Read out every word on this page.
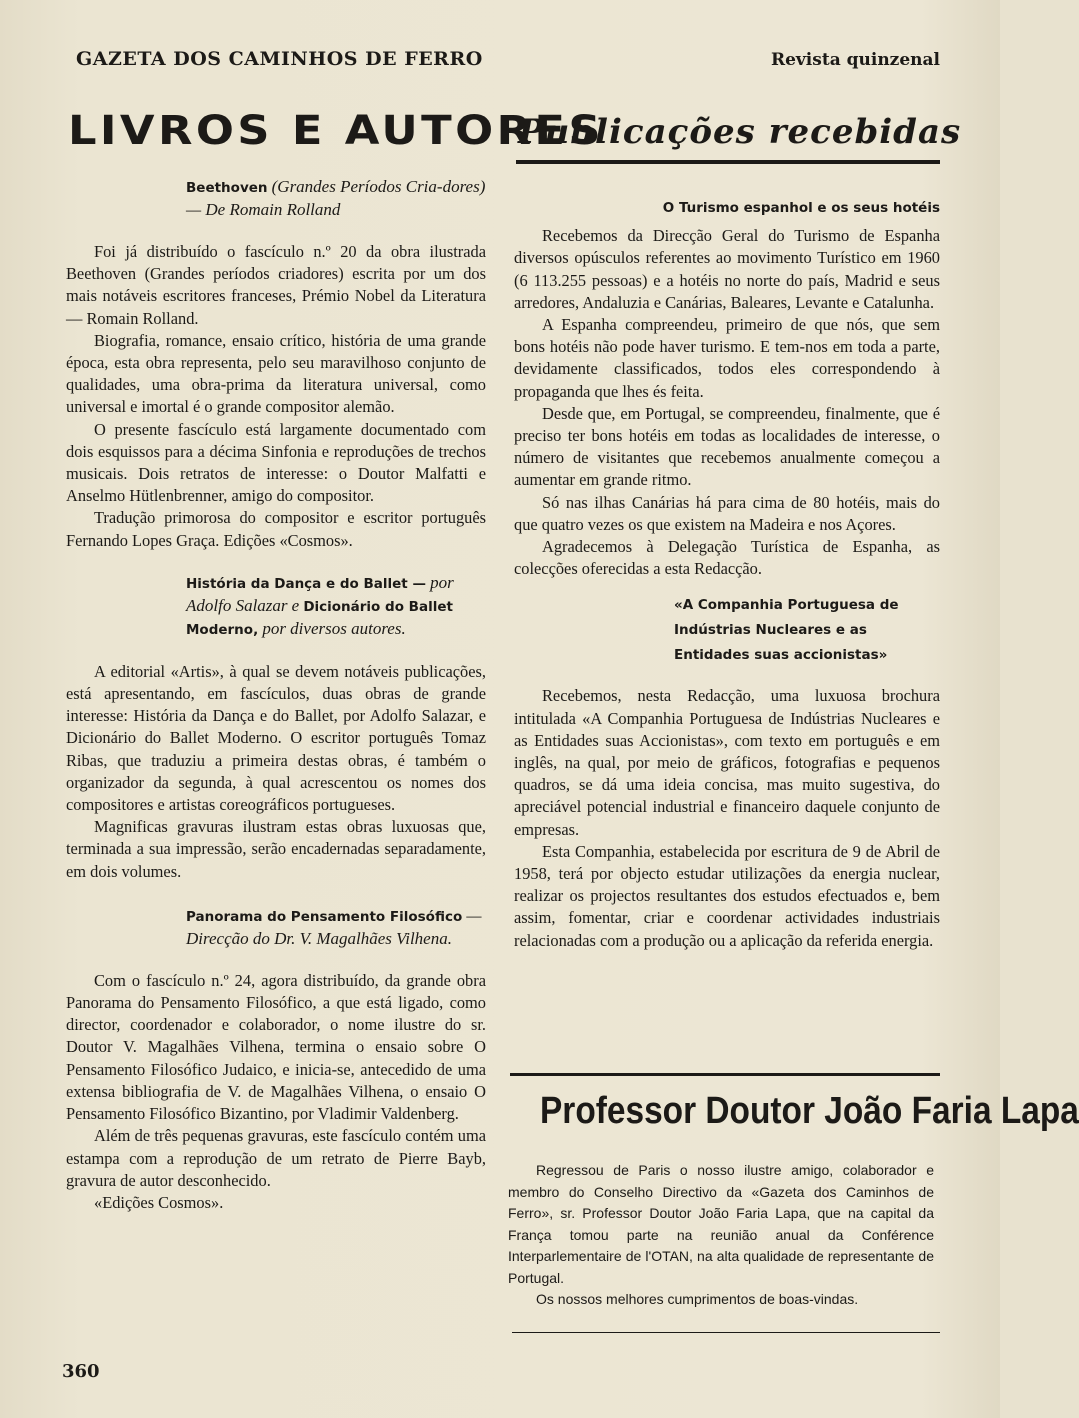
GAZETA DOS CAMINHOS DE FERRO	Revista quinzenal
LIVROS E AUTORES
Publicações recebidas
Beethoven (Grandes Períodos Cria-dores) — De Romain Rolland

Foi já distribuído o fascículo n.º 20 da obra ilustrada Beethoven (Grandes períodos criadores) escrita por um dos mais notáveis escritores franceses, Prémio Nobel da Literatura — Romain Rolland.

Biografia, romance, ensaio crítico, história de uma grande época, esta obra representa, pelo seu maravilhoso conjunto de qualidades, uma obra-prima da literatura universal, como universal e imortal é o grande compositor alemão.

O presente fascículo está largamente documentado com dois esquissos para a décima Sinfonia e reproduções de trechos musicais. Dois retratos de interesse: o Doutor Malfatti e Anselmo Hütlenbrenner, amigo do compositor.

Tradução primorosa do compositor e escritor português Fernando Lopes Graça. Edições «Cosmos».

História da Dança e do Ballet — por Adolfo Salazar e Dicionário do Ballet Moderno, por diversos autores.

A editorial «Artis», à qual se devem notáveis publicações, está apresentando, em fascículos, duas obras de grande interesse: História da Dança e do Ballet, por Adolfo Salazar, e Dicionário do Ballet Moderno. O escritor português Tomaz Ribas, que traduziu a primeira destas obras, é também o organizador da segunda, à qual acrescentou os nomes dos compositores e artistas coreográficos portugueses.

Magnificas gravuras ilustram estas obras luxuosas que, terminada a sua impressão, serão encadernadas separadamente, em dois volumes.

Panorama do Pensamento Filosófico — Direcção do Dr. V. Magalhães Vilhena.

Com o fascículo n.º 24, agora distribuído, da grande obra Panorama do Pensamento Filosófico, a que está ligado, como director, coordenador e colaborador, o nome ilustre do sr. Doutor V. Magalhães Vilhena, termina o ensaio sobre O Pensamento Filosófico Judaico, e inicia-se, antecedido de uma extensa bibliografia de V. de Magalhães Vilhena, o ensaio O Pensamento Filosófico Bizantino, por Vladimir Valdenberg.

Além de três pequenas gravuras, este fascículo contém uma estampa com a reprodução de um retrato de Pierre Bayb, gravura de autor desconhecido.

«Edições Cosmos».

O Turismo espanhol e os seus hotéis

Recebemos da Direcção Geral do Turismo de Espanha diversos opúsculos referentes ao movimento Turístico em 1960 (6 113.255 pessoas) e a hotéis no norte do país, Madrid e seus arredores, Andaluzia e Canárias, Baleares, Levante e Catalunha.

A Espanha compreendeu, primeiro de que nós, que sem bons hotéis não pode haver turismo. E tem-nos em toda a parte, devidamente classificados, todos eles correspondendo à propaganda que lhes és feita.

Desde que, em Portugal, se compreendeu, finalmente, que é preciso ter bons hotéis em todas as localidades de interesse, o número de visitantes que recebemos anualmente começou a aumentar em grande ritmo.

Só nas ilhas Canárias há para cima de 80 hotéis, mais do que quatro vezes os que existem na Madeira e nos Açores.

Agradecemos à Delegação Turística de Espanha, as colecções oferecidas a esta Redacção.

«A Companhia Portuguesa de Indústrias Nucleares e as Entidades suas accionistas»

Recebemos, nesta Redacção, uma luxuosa brochura intitulada «A Companhia Portuguesa de Indústrias Nucleares e as Entidades suas Accionistas», com texto em português e em inglês, na qual, por meio de gráficos, fotografias e pequenos quadros, se dá uma ideia concisa, mas muito sugestiva, do apreciável potencial industrial e financeiro daquele conjunto de empresas.

Esta Companhia, estabelecida por escritura de 9 de Abril de 1958, terá por objecto estudar utilizações da energia nuclear, realizar os projectos resultantes dos estudos efectuados e, bem assim, fomentar, criar e coordenar actividades industriais relacionadas com a produção ou a aplicação da referida energia.

Professor Doutor João Faria Lapa

Regressou de Paris o nosso ilustre amigo, colaborador e membro do Conselho Directivo da «Gazeta dos Caminhos de Ferro», sr. Professor Doutor João Faria Lapa, que na capital da França tomou parte na reunião anual da Conférence Interparlementaire de l'OTAN, na alta qualidade de representante de Portugal.

Os nossos melhores cumprimentos de boas-vindas.

360
